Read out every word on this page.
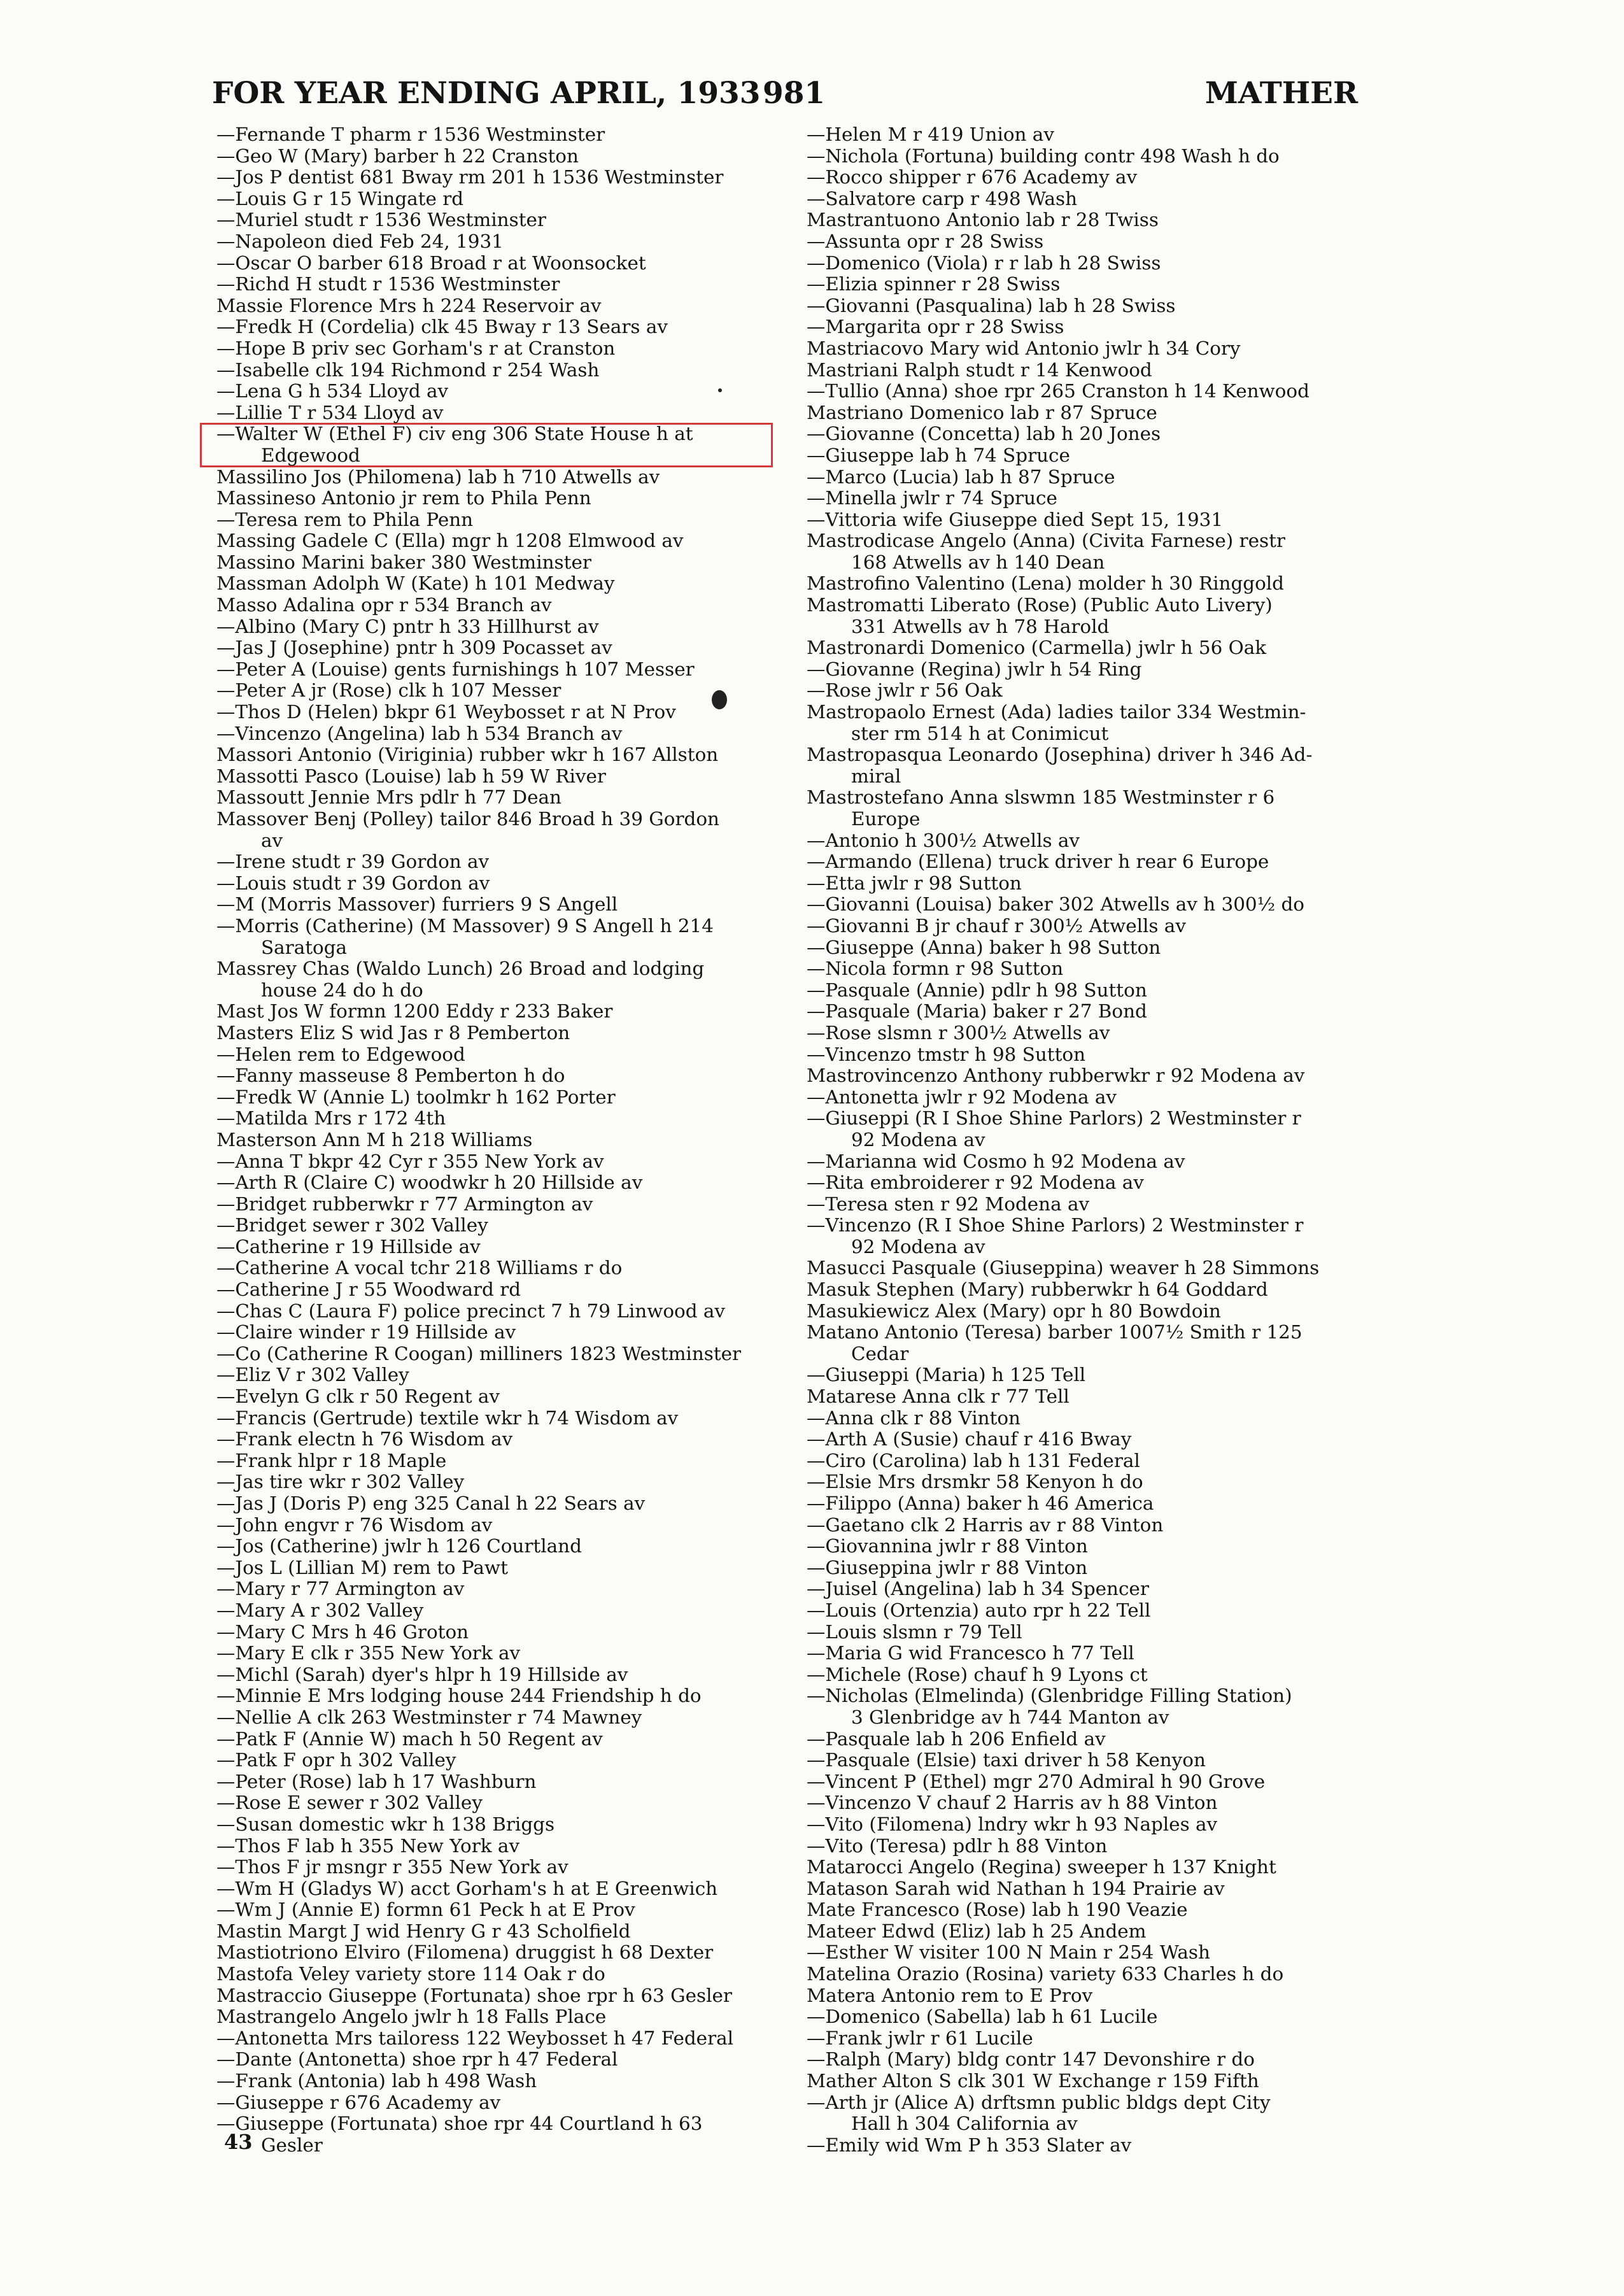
FOR YEAR ENDING APRIL, 1933 981	MATHER
—Fernande T pharm r 1536 Westminster
—Geo W (Mary) barber h 22 Cranston
—Jos P dentist 681 Bway rm 201 h 1536 Westminster
—Louis G r 15 Wingate rd
—Muriel studt r 1536 Westminster
—Napoleon died Feb 24, 1931
—Oscar O barber 618 Broad r at Woonsocket
—Richd H studt r 1536 Westminster
Massie Florence Mrs h 224 Reservoir av
—Fredk H (Cordelia) clk 45 Bway r 13 Sears av
—Hope B priv sec Gorham's r at Cranston
—Isabelle clk 194 Richmond r 254 Wash
—Lena G h 534 Lloyd av
—Lillie T r 534 Lloyd av
—Walter W (Ethel F) civ eng 306 State House h at
Edgewood
Massilino Jos (Philomena) lab h 710 Atwells av
Massineso Antonio jr rem to Phila Penn
—Teresa rem to Phila Penn
Massing Gadele C (Ella) mgr h 1208 Elmwood av
Massino Marini baker 380 Westminster
Massman Adolph W (Kate) h 101 Medway
Masso Adalina opr r 534 Branch av
—Albino (Mary C) pntr h 33 Hillhurst av
—Jas J (Josephine) pntr h 309 Pocasset av
—Peter A (Louise) gents furnishings h 107 Messer
—Peter A jr (Rose) clk h 107 Messer
—Thos D (Helen) bkpr 61 Weybosset r at N Prov
—Vincenzo (Angelina) lab h 534 Branch av
Massori Antonio (Viriginia) rubber wkr h 167 Allston
Massotti Pasco (Louise) lab h 59 W River
Massoutt Jennie Mrs pdlr h 77 Dean
Massover Benj (Polley) tailor 846 Broad h 39 Gordon
av
—Irene studt r 39 Gordon av
—Louis studt r 39 Gordon av
—M (Morris Massover) furriers 9 S Angell
—Morris (Catherine) (M Massover) 9 S Angell h 214
Saratoga
Massrey Chas (Waldo Lunch) 26 Broad and lodging
house 24 do h do
Mast Jos W formn 1200 Eddy r 233 Baker
Masters Eliz S wid Jas r 8 Pemberton
—Helen rem to Edgewood
—Fanny masseuse 8 Pemberton h do
—Fredk W (Annie L) toolmkr h 162 Porter
—Matilda Mrs r 172 4th
Masterson Ann M h 218 Williams
—Anna T bkpr 42 Cyr r 355 New York av
—Arth R (Claire C) woodwkr h 20 Hillside av
—Bridget rubberwkr r 77 Armington av
—Bridget sewer r 302 Valley
—Catherine r 19 Hillside av
—Catherine A vocal tchr 218 Williams r do
—Catherine J r 55 Woodward rd
—Chas C (Laura F) police precinct 7 h 79 Linwood av
—Claire winder r 19 Hillside av
—Co (Catherine R Coogan) milliners 1823 Westminster
—Eliz V r 302 Valley
—Evelyn G clk r 50 Regent av
—Francis (Gertrude) textile wkr h 74 Wisdom av
—Frank electn h 76 Wisdom av
—Frank hlpr r 18 Maple
—Jas tire wkr r 302 Valley
—Jas J (Doris P) eng 325 Canal h 22 Sears av
—John engvr r 76 Wisdom av
—Jos (Catherine) jwlr h 126 Courtland
—Jos L (Lillian M) rem to Pawt
—Mary r 77 Armington av
—Mary A r 302 Valley
—Mary C Mrs h 46 Groton
—Mary E clk r 355 New York av
—Michl (Sarah) dyer's hlpr h 19 Hillside av
—Minnie E Mrs lodging house 244 Friendship h do
—Nellie A clk 263 Westminster r 74 Mawney
—Patk F (Annie W) mach h 50 Regent av
—Patk F opr h 302 Valley
—Peter (Rose) lab h 17 Washburn
—Rose E sewer r 302 Valley
—Susan domestic wkr h 138 Briggs
—Thos F lab h 355 New York av
—Thos F jr msngr r 355 New York av
—Wm H (Gladys W) acct Gorham's h at E Greenwich
—Wm J (Annie E) formn 61 Peck h at E Prov
Mastin Margt J wid Henry G r 43 Scholfield
Mastiotriono Elviro (Filomena) druggist h 68 Dexter
Mastofa Veley variety store 114 Oak r do
Mastraccio Giuseppe (Fortunata) shoe rpr h 63 Gesler
Mastrangelo Angelo jwlr h 18 Falls Place
—Antonetta Mrs tailoress 122 Weybosset h 47 Federal
—Dante (Antonetta) shoe rpr h 47 Federal
—Frank (Antonia) lab h 498 Wash
—Giuseppe r 676 Academy av
—Giuseppe (Fortunata) shoe rpr 44 Courtland h 63
Gesler
—Helen M r 419 Union av
—Nichola (Fortuna) building contr 498 Wash h do
—Rocco shipper r 676 Academy av
—Salvatore carp r 498 Wash
Mastrantuono Antonio lab r 28 Twiss
—Assunta opr r 28 Swiss
—Domenico (Viola) r r lab h 28 Swiss
—Elizia spinner r 28 Swiss
—Giovanni (Pasqualina) lab h 28 Swiss
—Margarita opr r 28 Swiss
Mastriacovo Mary wid Antonio jwlr h 34 Cory
Mastriani Ralph studt r 14 Kenwood
—Tullio (Anna) shoe rpr 265 Cranston h 14 Kenwood
Mastriano Domenico lab r 87 Spruce
—Giovanne (Concetta) lab h 20 Jones
—Giuseppe lab h 74 Spruce
—Marco (Lucia) lab h 87 Spruce
—Minella jwlr r 74 Spruce
—Vittoria wife Giuseppe died Sept 15, 1931
Mastrodicase Angelo (Anna) (Civita Farnese) restr
168 Atwells av h 140 Dean
Mastrofino Valentino (Lena) molder h 30 Ringgold
Mastromatti Liberato (Rose) (Public Auto Livery)
331 Atwells av h 78 Harold
Mastronardi Domenico (Carmella) jwlr h 56 Oak
—Giovanne (Regina) jwlr h 54 Ring
—Rose jwlr r 56 Oak
Mastropaolo Ernest (Ada) ladies tailor 334 Westmin-
ster rm 514 h at Conimicut
Mastropasqua Leonardo (Josephina) driver h 346 Ad-
miral
Mastrostefano Anna slswmn 185 Westminster r 6
Europe
—Antonio h 300½ Atwells av
—Armando (Ellena) truck driver h rear 6 Europe
—Etta jwlr r 98 Sutton
—Giovanni (Louisa) baker 302 Atwells av h 300½ do
—Giovanni B jr chauf r 300½ Atwells av
—Giuseppe (Anna) baker h 98 Sutton
—Nicola formn r 98 Sutton
—Pasquale (Annie) pdlr h 98 Sutton
—Pasquale (Maria) baker r 27 Bond
—Rose slsmn r 300½ Atwells av
—Vincenzo tmstr h 98 Sutton
Mastrovincenzo Anthony rubberwkr r 92 Modena av
—Antonetta jwlr r 92 Modena av
—Giuseppi (R I Shoe Shine Parlors) 2 Westminster r
92 Modena av
—Marianna wid Cosmo h 92 Modena av
—Rita embroiderer r 92 Modena av
—Teresa sten r 92 Modena av
—Vincenzo (R I Shoe Shine Parlors) 2 Westminster r
92 Modena av
Masucci Pasquale (Giuseppina) weaver h 28 Simmons
Masuk Stephen (Mary) rubberwkr h 64 Goddard
Masukiewicz Alex (Mary) opr h 80 Bowdoin
Matano Antonio (Teresa) barber 1007½ Smith r 125
Cedar
—Giuseppi (Maria) h 125 Tell
Matarese Anna clk r 77 Tell
—Anna clk r 88 Vinton
—Arth A (Susie) chauf r 416 Bway
—Ciro (Carolina) lab h 131 Federal
—Elsie Mrs drsmkr 58 Kenyon h do
—Filippo (Anna) baker h 46 America
—Gaetano clk 2 Harris av r 88 Vinton
—Giovannina jwlr r 88 Vinton
—Giuseppina jwlr r 88 Vinton
—Juisel (Angelina) lab h 34 Spencer
—Louis (Ortenzia) auto rpr h 22 Tell
—Louis slsmn r 79 Tell
—Maria G wid Francesco h 77 Tell
—Michele (Rose) chauf h 9 Lyons ct
—Nicholas (Elmelinda) (Glenbridge Filling Station)
3 Glenbridge av h 744 Manton av
—Pasquale lab h 206 Enfield av
—Pasquale (Elsie) taxi driver h 58 Kenyon
—Vincent P (Ethel) mgr 270 Admiral h 90 Grove
—Vincenzo V chauf 2 Harris av h 88 Vinton
—Vito (Filomena) lndry wkr h 93 Naples av
—Vito (Teresa) pdlr h 88 Vinton
Matarocci Angelo (Regina) sweeper h 137 Knight
Matason Sarah wid Nathan h 194 Prairie av
Mate Francesco (Rose) lab h 190 Veazie
Mateer Edwd (Eliz) lab h 25 Andem
—Esther W visiter 100 N Main r 254 Wash
Matelina Orazio (Rosina) variety 633 Charles h do
Matera Antonio rem to E Prov
—Domenico (Sabella) lab h 61 Lucile
—Frank jwlr r 61 Lucile
—Ralph (Mary) bldg contr 147 Devonshire r do
Mather Alton S clk 301 W Exchange r 159 Fifth
—Arth jr (Alice A) drftsmn public bldgs dept City
Hall h 304 California av
—Emily wid Wm P h 353 Slater av
43
